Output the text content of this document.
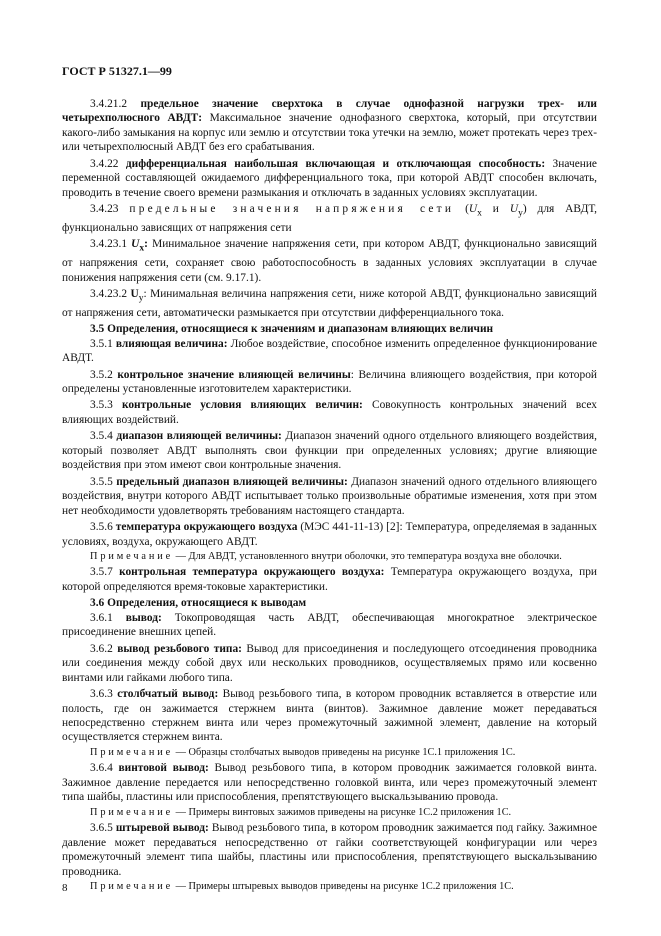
ГОСТ Р 51327.1—99

3.4.21.2 предельное значение сверхтока в случае однофазной нагрузки трех- или четырехполюсного АВДТ: Максимальное значение однофазного сверхтока, который, при отсутствии какого-либо замыкания на корпус или землю и отсутствии тока утечки на землю, может протекать через трех- или четырехполюсный АВДТ без его срабатывания.

3.4.22 дифференциальная наибольшая включающая и отключающая способность: Значение переменной составляющей ожидаемого дифференциального тока, при которой АВДТ способен включать, проводить в течение своего времени размыкания и отключать в заданных условиях эксплуатации.

3.4.23 предельные значения напряжения сети ($U_x$ и $U_y$) для АВДТ, функционально зависящих от напряжения сети

3.4.23.1 $U_x$: Минимальное значение напряжения сети, при котором АВДТ, функционально зависящий от напряжения сети, сохраняет свою работоспособность в заданных условиях эксплуатации в случае понижения напряжения сети (см. 9.17.1).

3.4.23.2 $U_y$: Минимальная величина напряжения сети, ниже которой АВДТ, функционально зависящий от напряжения сети, автоматически размыкается при отсутствии дифференциального тока.

3.5 Определения, относящиеся к значениям и диапазонам влияющих величин

3.5.1 влияющая величина: Любое воздействие, способное изменить определенное функционирование АВДТ.

3.5.2 контрольное значение влияющей величины: Величина влияющего воздействия, при которой определены установленные изготовителем характеристики.

3.5.3 контрольные условия влияющих величин: Совокупность контрольных значений всех влияющих воздействий.

3.5.4 диапазон влияющей величины: Диапазон значений одного отдельного влияющего воздействия, который позволяет АВДТ выполнять свои функции при определенных условиях; другие влияющие воздействия при этом имеют свои контрольные значения.

3.5.5 предельный диапазон влияющей величины: Диапазон значений одного отдельного влияющего воздействия, внутри которого АВДТ испытывает только произвольные обратимые изменения, хотя при этом нет необходимости удовлетворять требованиям настоящего стандарта.

3.5.6 температура окружающего воздуха (МЭС 441-11-13) [2]: Температура, определяемая в заданных условиях, воздуха, окружающего АВДТ.

Примечание — Для АВДТ, установленного внутри оболочки, это температура воздуха вне оболочки.

3.5.7 контрольная температура окружающего воздуха: Температура окружающего воздуха, при которой определяются время-токовые характеристики.

3.6 Определения, относящиеся к выводам

3.6.1 вывод: Токопроводящая часть АВДТ, обеспечивающая многократное электрическое присоединение внешних цепей.

3.6.2 вывод резьбового типа: Вывод для присоединения и последующего отсоединения проводника или соединения между собой двух или нескольких проводников, осуществляемых прямо или косвенно винтами или гайками любого типа.

3.6.3 столбчатый вывод: Вывод резьбового типа, в котором проводник вставляется в отверстие или полость, где он зажимается стержнем винта (винтов). Зажимное давление может передаваться непосредственно стержнем винта или через промежуточный зажимной элемент, давление на который осуществляется стержнем винта.

Примечание — Образцы столбчатых выводов приведены на рисунке 1С.1 приложения 1С.

3.6.4 винтовой вывод: Вывод резьбового типа, в котором проводник зажимается головкой винта. Зажимное давление передается или непосредственно головкой винта, или через промежуточный элемент типа шайбы, пластины или приспособления, препятствующего выскальзыванию провода.

Примечание — Примеры винтовых зажимов приведены на рисунке 1С.2 приложения 1С.

3.6.5 штыревой вывод: Вывод резьбового типа, в котором проводник зажимается под гайку. Зажимное давление может передаваться непосредственно от гайки соответствующей конфигурации или через промежуточный элемент типа шайбы, пластины или приспособления, препятствующего выскальзыванию проводника.

Примечание — Примеры штыревых выводов приведены на рисунке 1С.2 приложения 1С.

8
